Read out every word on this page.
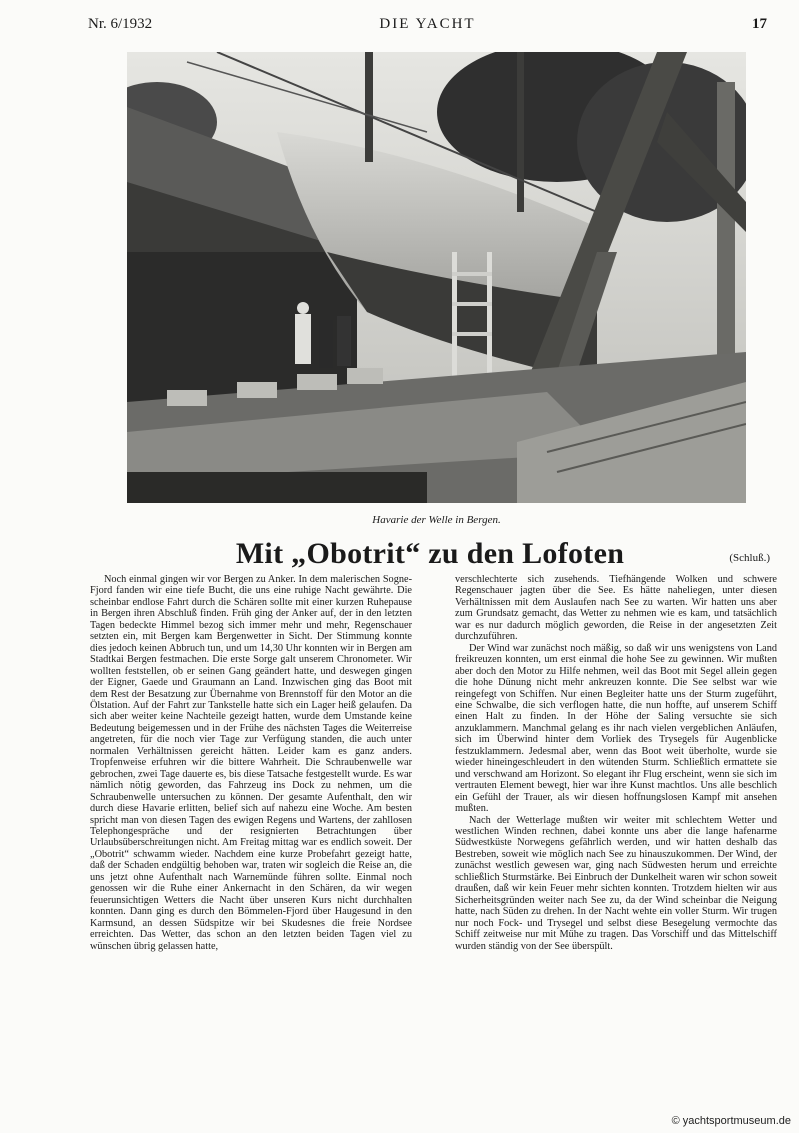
Nr. 6/1932	DIE YACHT	17
Havarie der Welle in Bergen.
Mit „Obotrit“ zu den Lofoten	(Schluß.)

Noch einmal gingen wir vor Bergen zu Anker. In dem malerischen Sogne-Fjord fanden wir eine tiefe Bucht, die uns eine ruhige Nacht gewährte. Die scheinbar endlose Fahrt durch die Schären sollte mit einer kurzen Ruhepause in Bergen ihren Abschluß finden. Früh ging der Anker auf, der in den letzten Tagen bedeckte Himmel bezog sich immer mehr und mehr, Regenschauer setzten ein, mit Bergen kam Bergenwetter in Sicht. Der Stimmung konnte dies jedoch keinen Abbruch tun, und um 14,30 Uhr konnten wir in Bergen am Stadtkai Bergen festmachen. Die erste Sorge galt unserem Chronometer. Wir wollten feststellen, ob er seinen Gang geändert hatte, und deswegen gingen der Eigner, Gaede und Graumann an Land. Inzwischen ging das Boot mit dem Rest der Besatzung zur Übernahme von Brennstoff für den Motor an die Ölstation. Auf der Fahrt zur Tankstelle hatte sich ein Lager heiß gelaufen. Da sich aber weiter keine Nachteile gezeigt hatten, wurde dem Umstande keine Bedeutung beigemessen und in der Frühe des nächsten Tages die Weiterreise angetreten, für die noch vier Tage zur Verfügung standen, die auch unter normalen Verhältnissen gereicht hätten. Leider kam es ganz anders. Tropfenweise erfuhren wir die bittere Wahrheit. Die Schraubenwelle war gebrochen, zwei Tage dauerte es, bis diese Tatsache festgestellt wurde. Es war nämlich nötig geworden, das Fahrzeug ins Dock zu nehmen, um die Schraubenwelle untersuchen zu können. Der gesamte Aufenthalt, den wir durch diese Havarie erlitten, belief sich auf nahezu eine Woche. Am besten spricht man von diesen Tagen des ewigen Regens und Wartens, der zahllosen Telephongespräche und der resignierten Betrachtungen über Urlaubsüberschreitungen nicht. Am Freitag mittag war es endlich soweit. Der „Obotrit“ schwamm wieder. Nachdem eine kurze Probefahrt gezeigt hatte, daß der Schaden endgültig behoben war, traten wir sogleich die Reise an, die uns jetzt ohne Aufenthalt nach Warnemünde führen sollte. Einmal noch genossen wir die Ruhe einer Ankernacht in den Schären, da wir wegen feuerunsichtigen Wetters die Nacht über unseren Kurs nicht durchhalten konnten. Dann ging es durch den Bömmelen-Fjord über Haugesund in den Karmsund, an dessen Südspitze wir bei Skudesnes die freie Nordsee erreichten. Das Wetter, das schon an den letzten beiden Tagen viel zu wünschen übrig gelassen hatte,

verschlechterte sich zusehends. Tiefhängende Wolken und schwere Regenschauer jagten über die See. Es hätte naheliegen, unter diesen Verhältnissen mit dem Auslaufen nach See zu warten. Wir hatten uns aber zum Grundsatz gemacht, das Wetter zu nehmen wie es kam, und tatsächlich war es nur dadurch möglich geworden, die Reise in der angesetzten Zeit durchzuführen.

Der Wind war zunächst noch mäßig, so daß wir uns wenigstens von Land freikreuzen konnten, um erst einmal die hohe See zu gewinnen. Wir mußten aber doch den Motor zu Hilfe nehmen, weil das Boot mit Segel allein gegen die hohe Dünung nicht mehr ankreuzen konnte. Die See selbst war wie reingefegt von Schiffen. Nur einen Begleiter hatte uns der Sturm zugeführt, eine Schwalbe, die sich verflogen hatte, die nun hoffte, auf unserem Schiff einen Halt zu finden. In der Höhe der Saling versuchte sie sich anzuklammern. Manchmal gelang es ihr nach vielen vergeblichen Anläufen, sich im Überwind hinter dem Vorliek des Trysegels für Augenblicke festzuklammern. Jedesmal aber, wenn das Boot weit überholte, wurde sie wieder hineingeschleudert in den wütenden Sturm. Schließlich ermattete sie und verschwand am Horizont. So elegant ihr Flug erscheint, wenn sie sich im vertrauten Element bewegt, hier war ihre Kunst machtlos. Uns alle beschlich ein Gefühl der Trauer, als wir diesen hoffnungslosen Kampf mit ansehen mußten.

Nach der Wetterlage mußten wir weiter mit schlechtem Wetter und westlichen Winden rechnen, dabei konnte uns aber die lange hafenarme Südwestküste Norwegens gefährlich werden, und wir hatten deshalb das Bestreben, soweit wie möglich nach See zu hinauszukommen. Der Wind, der zunächst westlich gewesen war, ging nach Südwesten herum und erreichte schließlich Sturmstärke. Bei Einbruch der Dunkelheit waren wir schon soweit draußen, daß wir kein Feuer mehr sichten konnten. Trotzdem hielten wir aus Sicherheitsgründen weiter nach See zu, da der Wind scheinbar die Neigung hatte, nach Süden zu drehen. In der Nacht wehte ein voller Sturm. Wir trugen nur noch Fock- und Trysegel und selbst diese Besegelung vermochte das Schiff zeitweise nur mit Mühe zu tragen. Das Vorschiff und das Mittelschiff wurden ständig von der See überspült.

© yachtsportmuseum.de
